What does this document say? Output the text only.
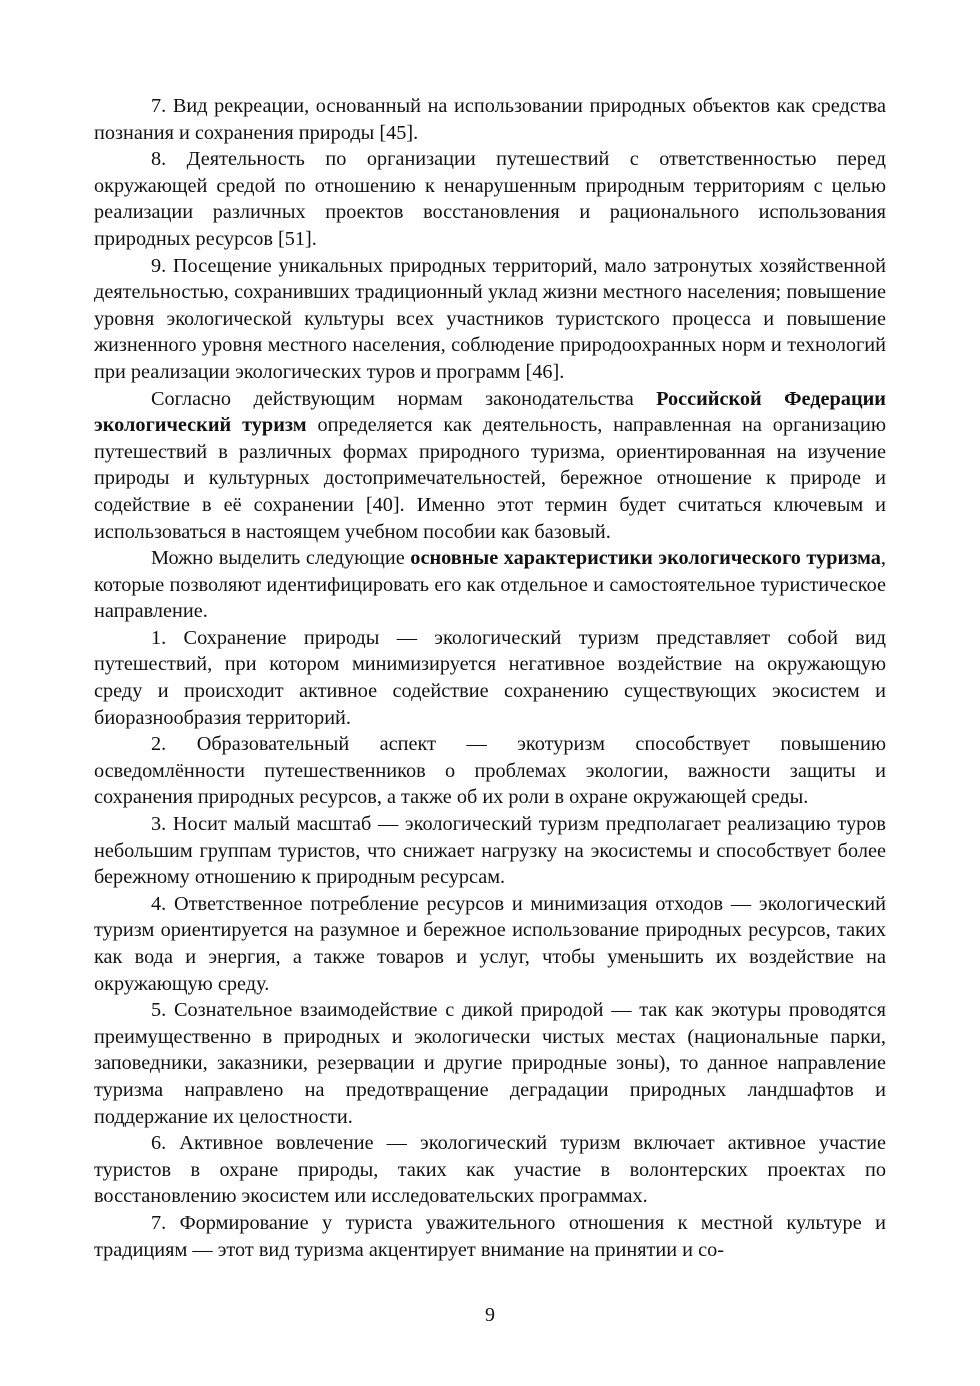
7. Вид рекреации, основанный на использовании природных объектов как средства познания и сохранения природы [45].

8. Деятельность по организации путешествий с ответственностью перед окружающей средой по отношению к ненарушенным природным территориям с целью реализации различных проектов восстановления и рационального использования природных ресурсов [51].

9. Посещение уникальных природных территорий, мало затронутых хозяйственной деятельностью, сохранивших традиционный уклад жизни местного населения; повышение уровня экологической культуры всех участников туристского процесса и повышение жизненного уровня местного населения, соблюдение природоохранных норм и технологий при реализации экологических туров и программ [46].

Согласно действующим нормам законодательства Российской Федерации экологический туризм определяется как деятельность, направленная на организацию путешествий в различных формах природного туризма, ориентированная на изучение природы и культурных достопримечательностей, бережное отношение к природе и содействие в её сохранении [40]. Именно этот термин будет считаться ключевым и использоваться в настоящем учебном пособии как базовый.

Можно выделить следующие основные характеристики экологического туризма, которые позволяют идентифицировать его как отдельное и самостоятельное туристическое направление.

1. Сохранение природы — экологический туризм представляет собой вид путешествий, при котором минимизируется негативное воздействие на окружающую среду и происходит активное содействие сохранению существующих экосистем и биоразнообразия территорий.

2. Образовательный аспект — экотуризм способствует повышению осведомлённости путешественников о проблемах экологии, важности защиты и сохранения природных ресурсов, а также об их роли в охране окружающей среды.

3. Носит малый масштаб — экологический туризм предполагает реализацию туров небольшим группам туристов, что снижает нагрузку на экосистемы и способствует более бережному отношению к природным ресурсам.

4. Ответственное потребление ресурсов и минимизация отходов — экологический туризм ориентируется на разумное и бережное использование природных ресурсов, таких как вода и энергия, а также товаров и услуг, чтобы уменьшить их воздействие на окружающую среду.

5. Сознательное взаимодействие с дикой природой — так как экотуры проводятся преимущественно в природных и экологически чистых местах (национальные парки, заповедники, заказники, резервации и другие природные зоны), то данное направление туризма направлено на предотвращение деградации природных ландшафтов и поддержание их целостности.

6. Активное вовлечение — экологический туризм включает активное участие туристов в охране природы, таких как участие в волонтерских проектах по восстановлению экосистем или исследовательских программах.

7. Формирование у туриста уважительного отношения к местной культуре и традициям — этот вид туризма акцентирует внимание на принятии и со-

9
